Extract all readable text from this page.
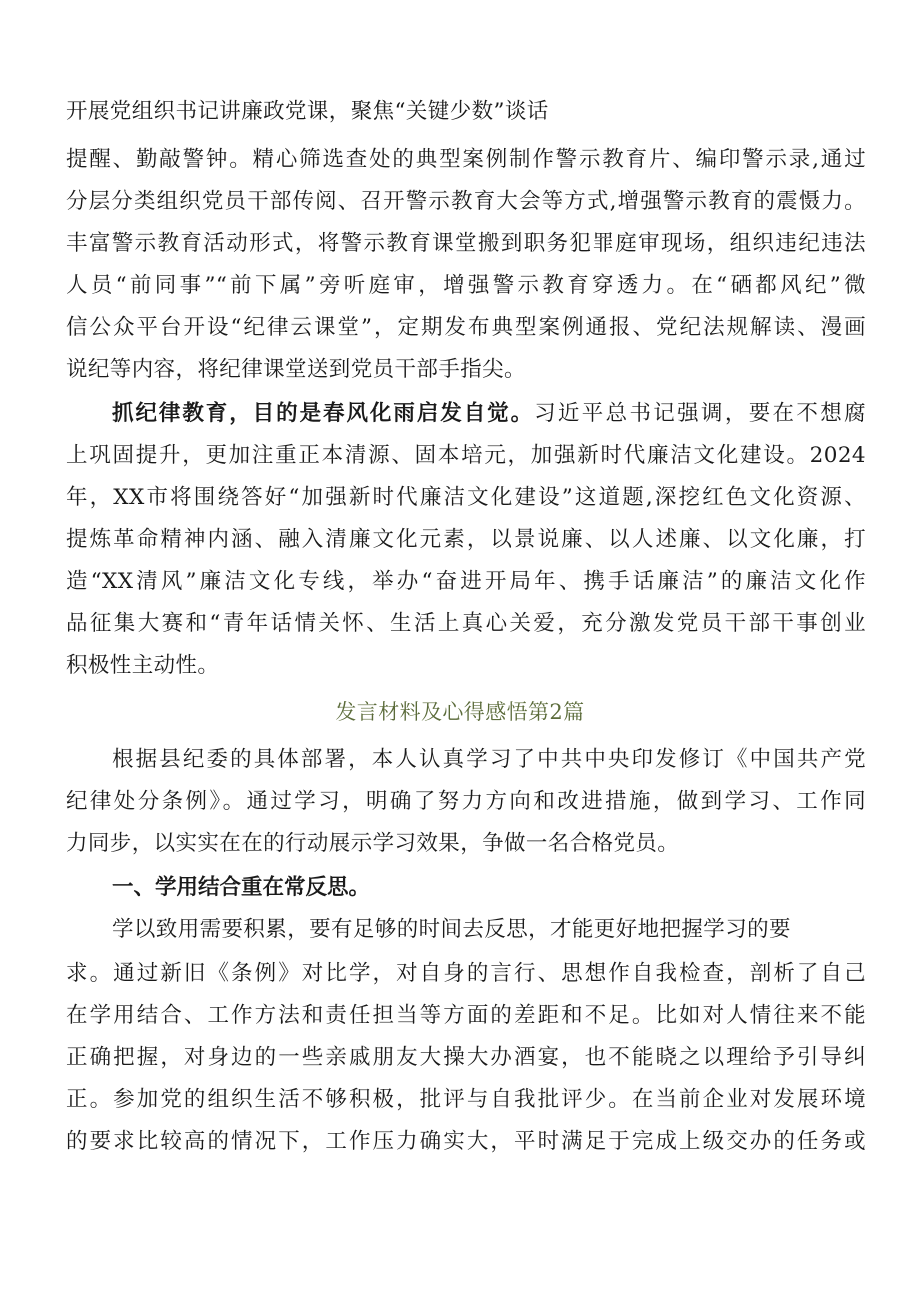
开展党组织书记讲廉政党课，聚焦“关键少数”谈话
提醒、勤敲警钟。精心筛选查处的典型案例制作警示教育片、编印警示录,通过
分层分类组织党员干部传阅、召开警示教育大会等方式,增强警示教育的震慑力。
丰富警示教育活动形式，将警示教育课堂搬到职务犯罪庭审现场，组织违纪违法
人员“前同事”“前下属”旁听庭审，增强警示教育穿透力。在“硒都风纪”微
信公众平台开设“纪律云课堂”，定期发布典型案例通报、党纪法规解读、漫画
说纪等内容，将纪律课堂送到党员干部手指尖。
抓纪律教育，目的是春风化雨启发自觉。习近平总书记强调，要在不想腐
上巩固提升，更加注重正本清源、固本培元，加强新时代廉洁文化建设。2024
年，XX市将围绕答好“加强新时代廉洁文化建设”这道题,深挖红色文化资源、
提炼革命精神内涵、融入清廉文化元素，以景说廉、以人述廉、以文化廉，打
造“XX清风”廉洁文化专线，举办“奋进开局年、携手话廉洁”的廉洁文化作
品征集大赛和“青年话情关怀、生活上真心关爱，充分激发党员干部干事创业
积极性主动性。
发言材料及心得感悟第2篇
根据县纪委的具体部署，本人认真学习了中共中央印发修订《中国共产党
纪律处分条例》。通过学习，明确了努力方向和改进措施，做到学习、工作同
力同步，以实实在在的行动展示学习效果，争做一名合格党员。
一、学用结合重在常反思。
学以致用需要积累，要有足够的时间去反思，才能更好地把握学习的要
求。通过新旧《条例》对比学，对自身的言行、思想作自我检查，剖析了自己
在学用结合、工作方法和责任担当等方面的差距和不足。比如对人情往来不能
正确把握，对身边的一些亲戚朋友大操大办酒宴，也不能晓之以理给予引导纠
正。参加党的组织生活不够积极，批评与自我批评少。在当前企业对发展环境
的要求比较高的情况下，工作压力确实大，平时满足于完成上级交办的任务或
